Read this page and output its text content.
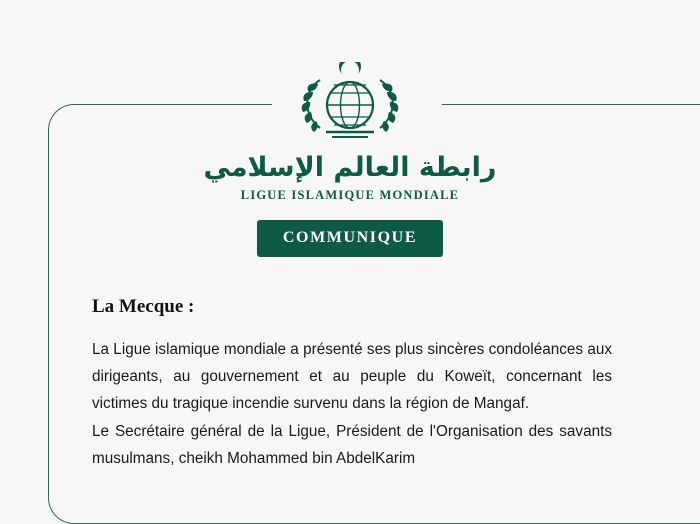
رابطة العالم الإسلامي
LIGUE ISLAMIQUE MONDIALE
COMMUNIQUE
La Mecque :

La Ligue islamique mondiale a présenté ses plus sincères condoléances aux dirigeants, au gouvernement et au peuple du Koweït, concernant les victimes du tragique incendie survenu dans la région de Mangaf.

Le Secrétaire général de la Ligue, Président de l'Organisation des savants musulmans, cheikh Mohammed bin AbdelKarim
